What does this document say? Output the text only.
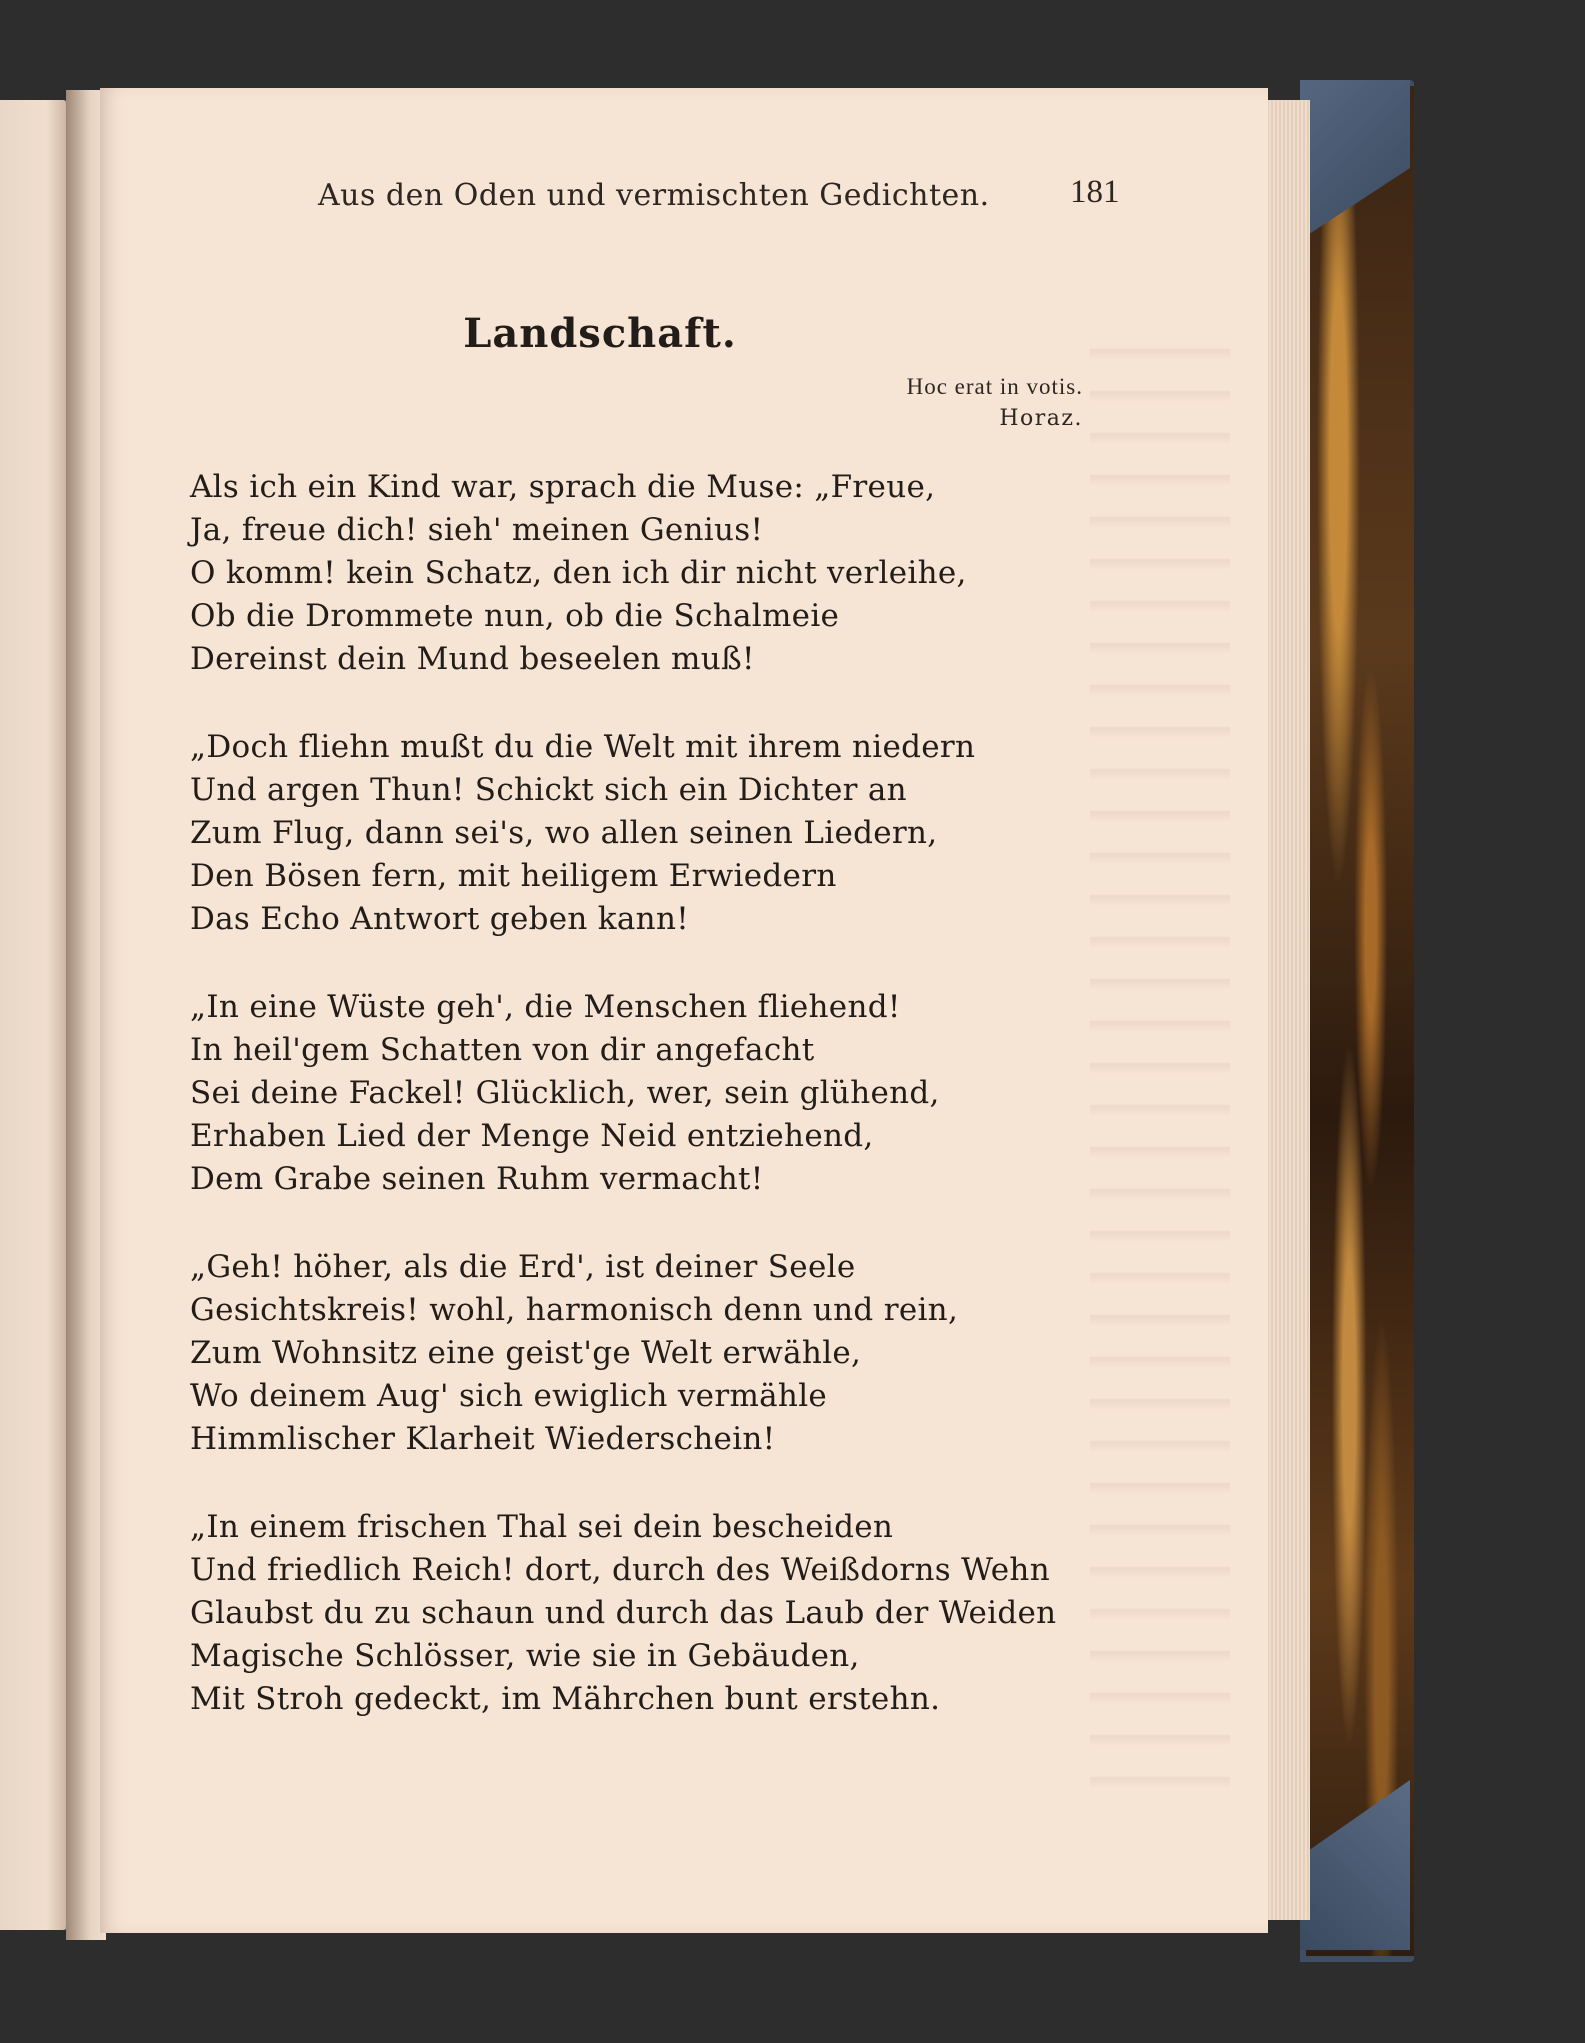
Aus den Oden und vermischten Gedichten. 181
Landschaft.
Hoc erat in votis.
Horaz.
Als ich ein Kind war, sprach die Muse: „Freue,
Ja, freue dich! sieh' meinen Genius!
O komm! kein Schatz, den ich dir nicht verleihe,
Ob die Drommete nun, ob die Schalmeie
Dereinst dein Mund beseelen muß!
„Doch fliehn mußt du die Welt mit ihrem niedern
Und argen Thun! Schickt sich ein Dichter an
Zum Flug, dann sei's, wo allen seinen Liedern,
Den Bösen fern, mit heiligem Erwiedern
Das Echo Antwort geben kann!
„In eine Wüste geh', die Menschen fliehend!
In heil'gem Schatten von dir angefacht
Sei deine Fackel! Glücklich, wer, sein glühend,
Erhaben Lied der Menge Neid entziehend,
Dem Grabe seinen Ruhm vermacht!
„Geh! höher, als die Erd', ist deiner Seele
Gesichtskreis! wohl, harmonisch denn und rein,
Zum Wohnsitz eine geist'ge Welt erwähle,
Wo deinem Aug' sich ewiglich vermähle
Himmlischer Klarheit Wiederschein!
„In einem frischen Thal sei dein bescheiden
Und friedlich Reich! dort, durch des Weißdorns Wehn
Glaubst du zu schaun und durch das Laub der Weiden
Magische Schlösser, wie sie in Gebäuden,
Mit Stroh gedeckt, im Mährchen bunt erstehn.
